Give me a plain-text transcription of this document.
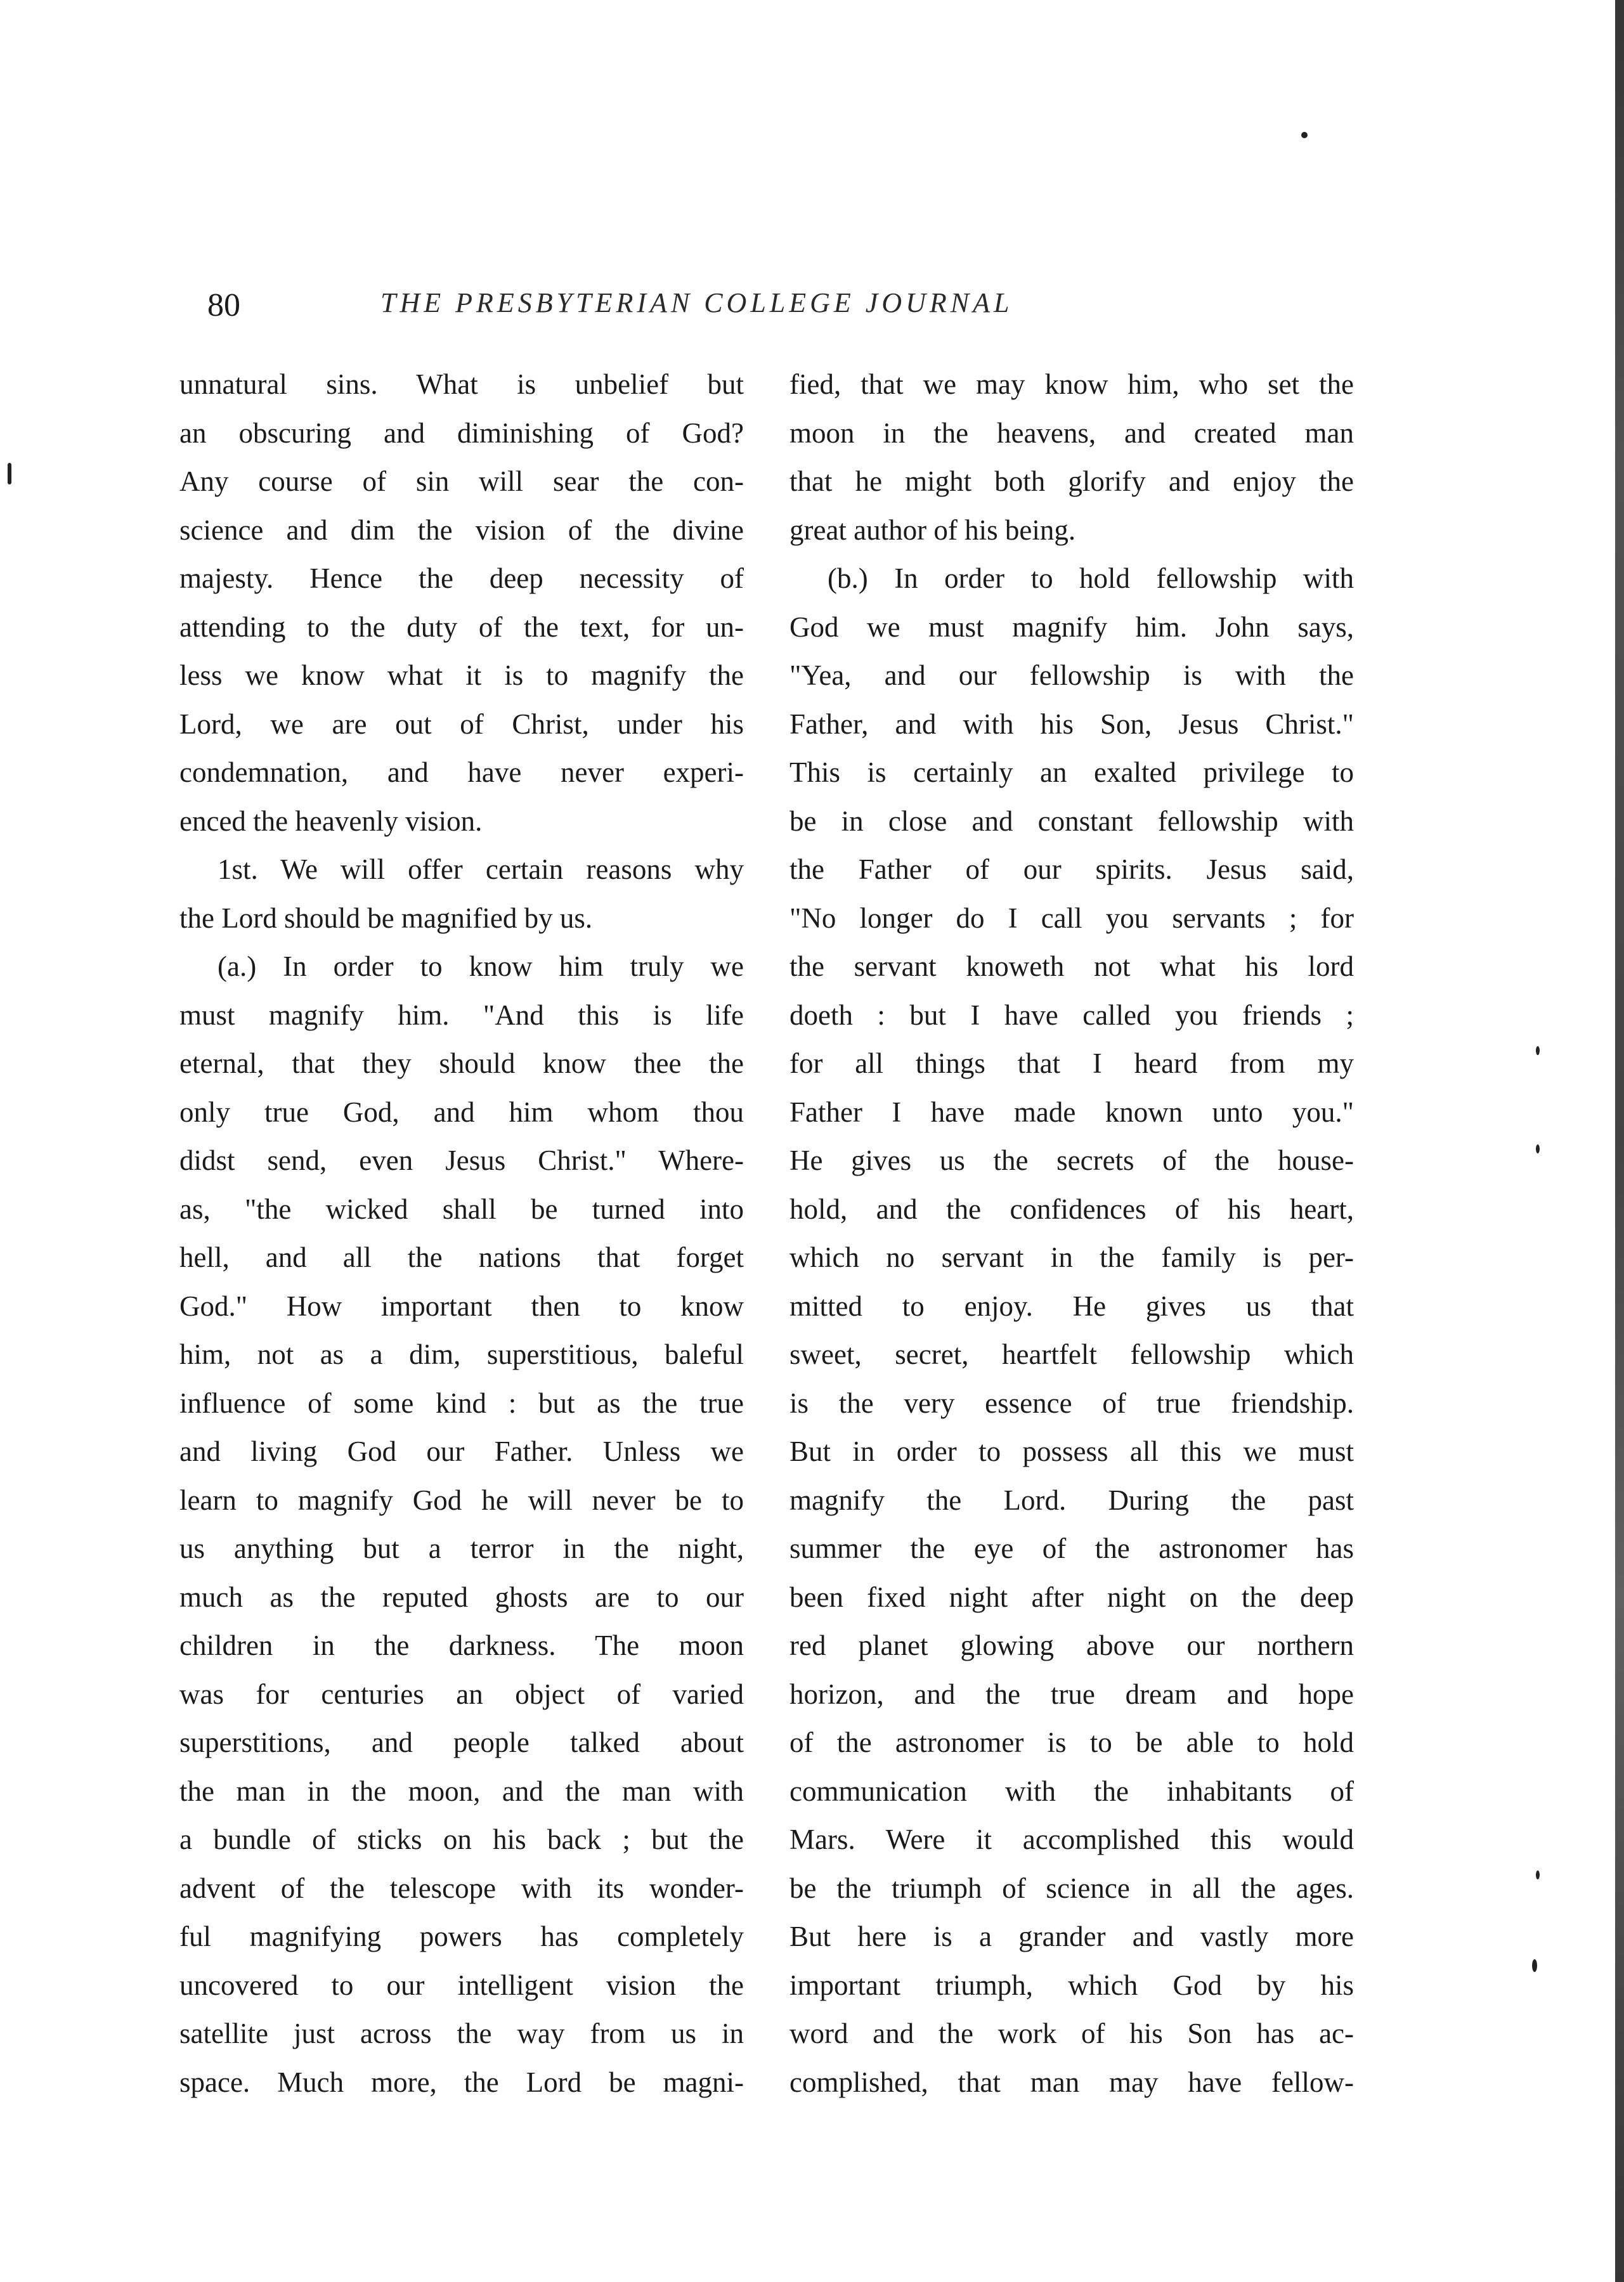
80	THE PRESBYTERIAN COLLEGE JOURNAL
unnatural sins. What is unbelief but
an obscuring and diminishing of God?
Any course of sin will sear the con-
science and dim the vision of the divine
majesty. Hence the deep necessity of
attending to the duty of the text, for un-
less we know what it is to magnify the
Lord, we are out of Christ, under his
condemnation, and have never experi-
enced the heavenly vision.
1st. We will offer certain reasons why
the Lord should be magnified by us.
(a.) In order to know him truly we
must magnify him. "And this is life
eternal, that they should know thee the
only true God, and him whom thou
didst send, even Jesus Christ." Where-
as, "the wicked shall be turned into
hell, and all the nations that forget
God." How important then to know
him, not as a dim, superstitious, baleful
influence of some kind : but as the true
and living God our Father. Unless we
learn to magnify God he will never be to
us anything but a terror in the night,
much as the reputed ghosts are to our
children in the darkness. The moon
was for centuries an object of varied
superstitions, and people talked about
the man in the moon, and the man with
a bundle of sticks on his back ; but the
advent of the telescope with its wonder-
ful magnifying powers has completely
uncovered to our intelligent vision the
satellite just across the way from us in
space. Much more, the Lord be magni-
fied, that we may know him, who set the
moon in the heavens, and created man
that he might both glorify and enjoy the
great author of his being.
(b.) In order to hold fellowship with
God we must magnify him. John says,
"Yea, and our fellowship is with the
Father, and with his Son, Jesus Christ."
This is certainly an exalted privilege to
be in close and constant fellowship with
the Father of our spirits. Jesus said,
"No longer do I call you servants ; for
the servant knoweth not what his lord
doeth : but I have called you friends ;
for all things that I heard from my
Father I have made known unto you."
He gives us the secrets of the house-
hold, and the confidences of his heart,
which no servant in the family is per-
mitted to enjoy. He gives us that
sweet, secret, heartfelt fellowship which
is the very essence of true friendship.
But in order to possess all this we must
magnify the Lord. During the past
summer the eye of the astronomer has
been fixed night after night on the deep
red planet glowing above our northern
horizon, and the true dream and hope
of the astronomer is to be able to hold
communication with the inhabitants of
Mars. Were it accomplished this would
be the triumph of science in all the ages.
But here is a grander and vastly more
important triumph, which God by his
word and the work of his Son has ac-
complished, that man may have fellow-
